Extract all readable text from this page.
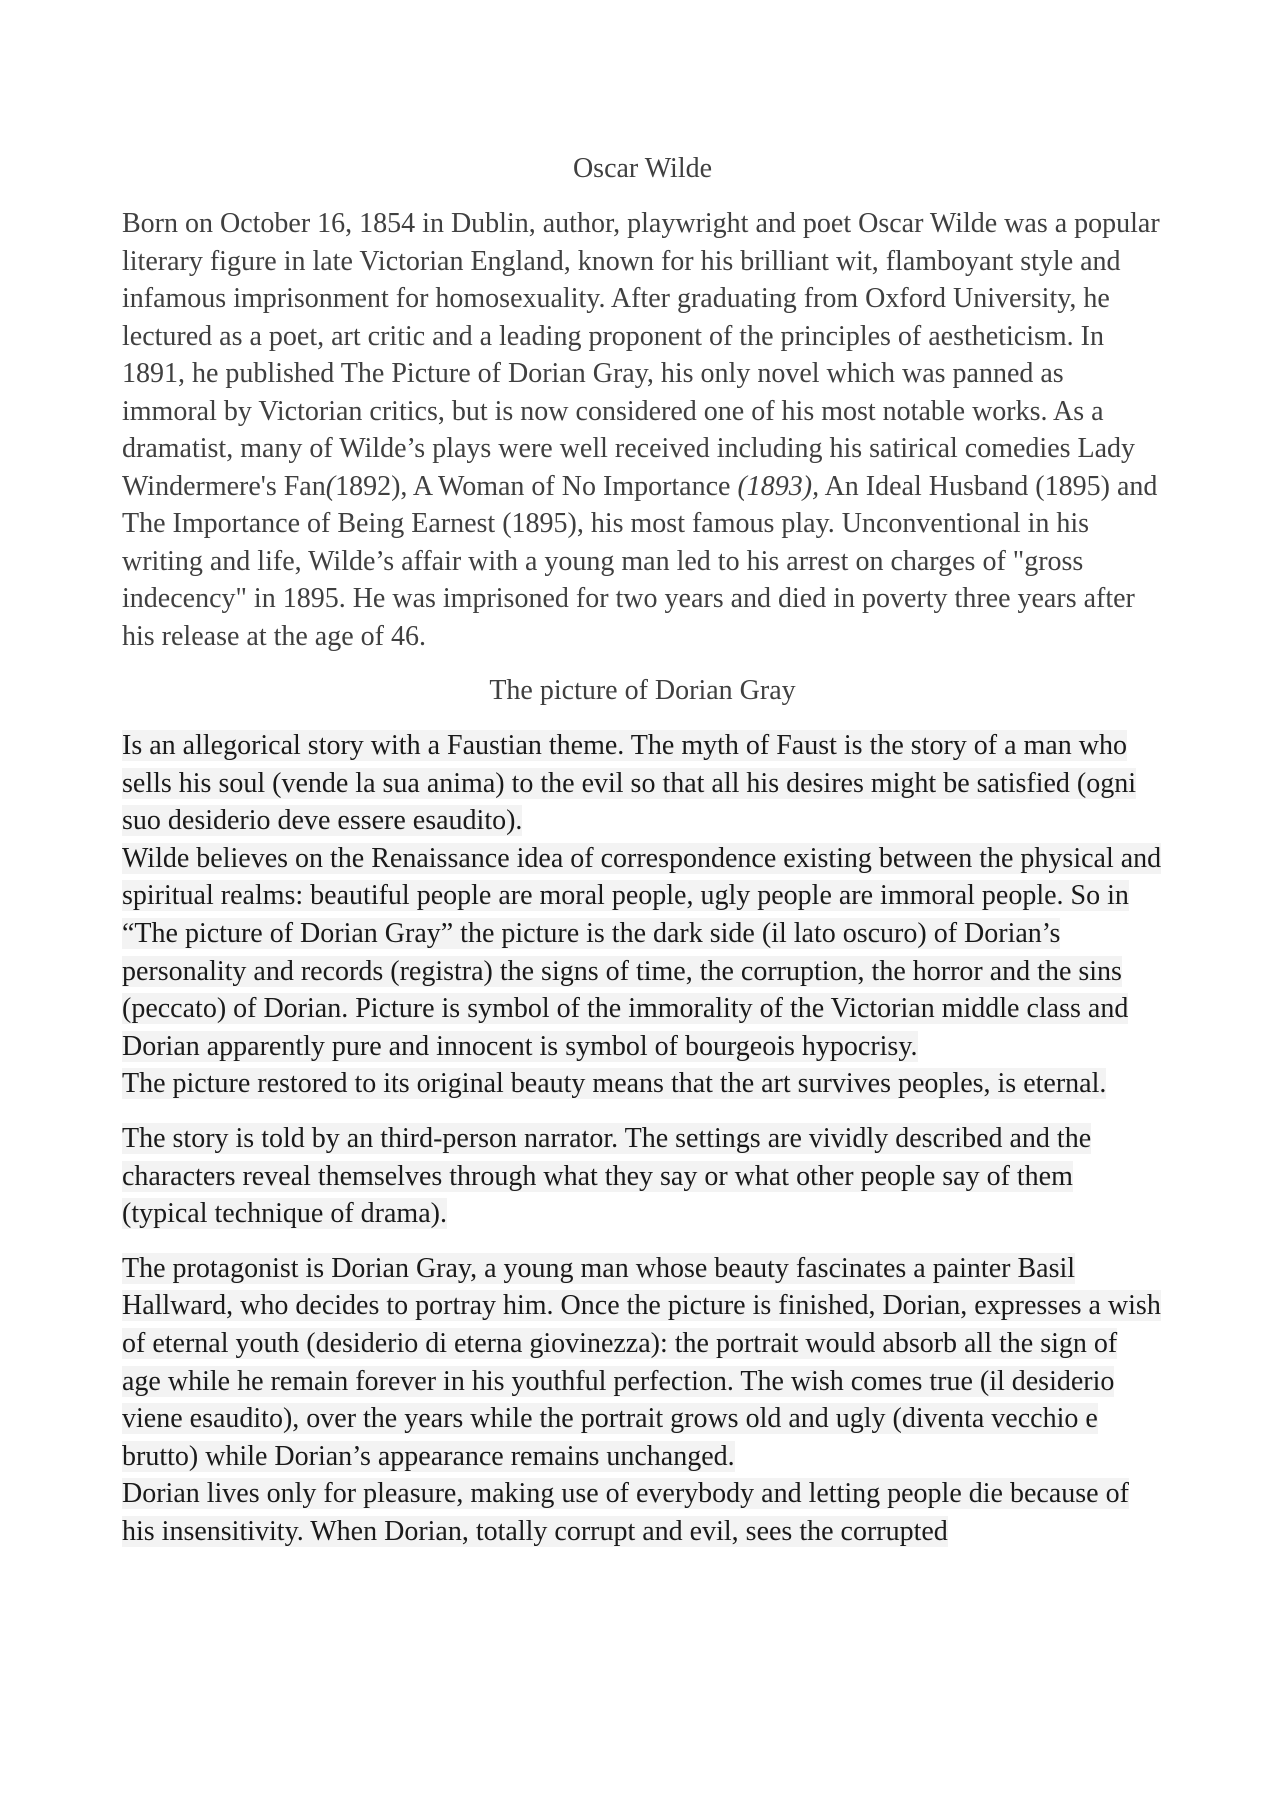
Oscar Wilde

Born on October 16, 1854 in Dublin, author, playwright and poet Oscar Wilde was a popular literary figure in late Victorian England, known for his brilliant wit, flamboyant style and infamous imprisonment for homosexuality. After graduating from Oxford University, he lectured as a poet, art critic and a leading proponent of the principles of aestheticism. In 1891, he published The Picture of Dorian Gray, his only novel which was panned as immoral by Victorian critics, but is now considered one of his most notable works. As a dramatist, many of Wilde’s plays were well received including his satirical comedies Lady Windermere's Fan(1892), A Woman of No Importance (1893), An Ideal Husband (1895) and The Importance of Being Earnest (1895), his most famous play. Unconventional in his writing and life, Wilde’s affair with a young man led to his arrest on charges of "gross indecency" in 1895. He was imprisoned for two years and died in poverty three years after his release at the age of 46.

The picture of Dorian Gray
Is an allegorical story with a Faustian theme. The myth of Faust is the story of a man who sells his soul (vende la sua anima) to the evil so that all his desires might be satisfied (ogni suo desiderio deve essere esaudito).
Wilde believes on the Renaissance idea of correspondence existing between the physical and spiritual realms: beautiful people are moral people, ugly people are immoral people. So in “The picture of Dorian Gray” the picture is the dark side (il lato oscuro) of Dorian’s personality and records (registra) the signs of time, the corruption, the horror and the sins (peccato) of Dorian. Picture is symbol of the immorality of the Victorian middle class and Dorian apparently pure and innocent is symbol of bourgeois hypocrisy.
The picture restored to its original beauty means that the art survives peoples, is eternal.
The story is told by an third-person narrator. The settings are vividly described and the characters reveal themselves through what they say or what other people say of them (typical technique of drama).
The protagonist is Dorian Gray, a young man whose beauty fascinates a painter Basil Hallward, who decides to portray him. Once the picture is finished, Dorian, expresses a wish of eternal youth (desiderio di eterna giovinezza): the portrait would absorb all the sign of age while he remain forever in his youthful perfection. The wish comes true (il desiderio viene esaudito), over the years while the portrait grows old and ugly (diventa vecchio e brutto) while Dorian’s appearance remains unchanged.
Dorian lives only for pleasure, making use of everybody and letting people die because of his insensitivity. When Dorian, totally corrupt and evil, sees the corrupted
